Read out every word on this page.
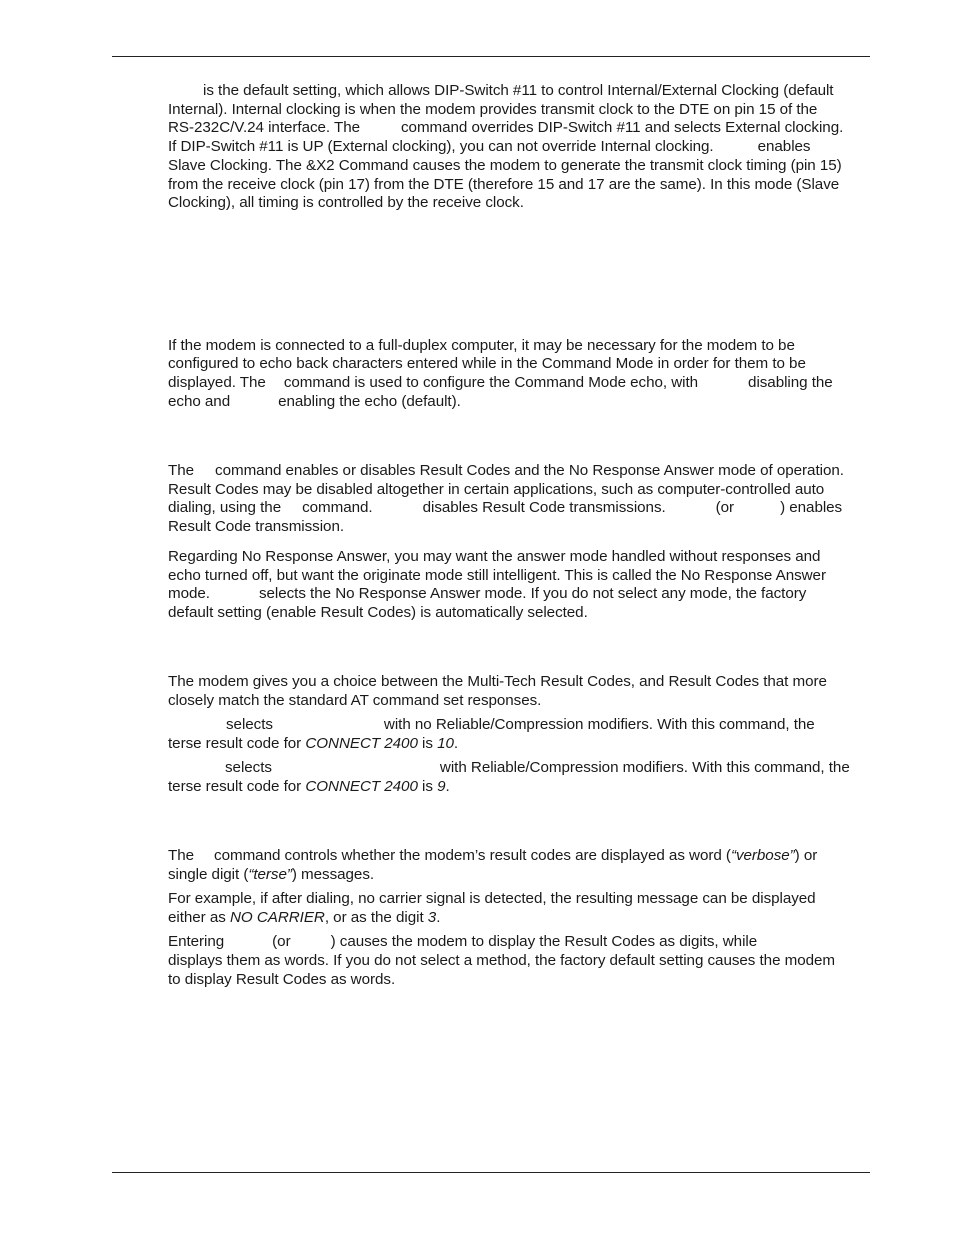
is the default setting, which allows DIP-Switch #11 to control Internal/External Clocking (default
Internal). Internal clocking is when the modem provides transmit clock to the DTE on pin 15 of the
RS-232C/V.24 interface. The	command overrides DIP-Switch #11 and selects External clocking.
If DIP-Switch #11 is UP (External clocking), you can not override Internal clocking.	enables
Slave Clocking. The &X2 Command causes the modem to generate the transmit clock timing (pin 15)
from the receive clock (pin 17) from the DTE (therefore 15 and 17 are the same). In this mode (Slave
Clocking), all timing is controlled by the receive clock.
If the modem is connected to a full-duplex computer, it may be necessary for the modem to be
configured to echo back characters entered while in the Command Mode in order for them to be
displayed. The command is used to configure the Command Mode echo, with	disabling the
echo and	enabling the echo (default).
The command enables or disables Result Codes and the No Response Answer mode of operation.
Result Codes may be disabled altogether in certain applications, such as computer-controlled auto
dialing, using the command.	disables Result Code transmissions.	(or	) enables
Result Code transmission.
Regarding No Response Answer, you may want the answer mode handled without responses and
echo turned off, but want the originate mode still intelligent. This is called the No Response Answer
mode.	selects the No Response Answer mode. If you do not select any mode, the factory
default setting (enable Result Codes) is automatically selected.
The modem gives you a choice between the Multi-Tech Result Codes, and Result Codes that more
closely match the standard AT command set responses.
selects	with no Reliable/Compression modifiers. With this command, the
terse result code for CONNECT 2400 is 10.
selects	with Reliable/Compression modifiers. With this command, the
terse result code for CONNECT 2400 is 9.
The command controls whether the modem’s result codes are displayed as word (“verbose”) or
single digit (“terse”) messages.
For example, if after dialing, no carrier signal is detected, the resulting message can be displayed
either as NO CARRIER, or as the digit 3.
Entering	(or	) causes the modem to display the Result Codes as digits, while
displays them as words. If you do not select a method, the factory default setting causes the modem
to display Result Codes as words.
